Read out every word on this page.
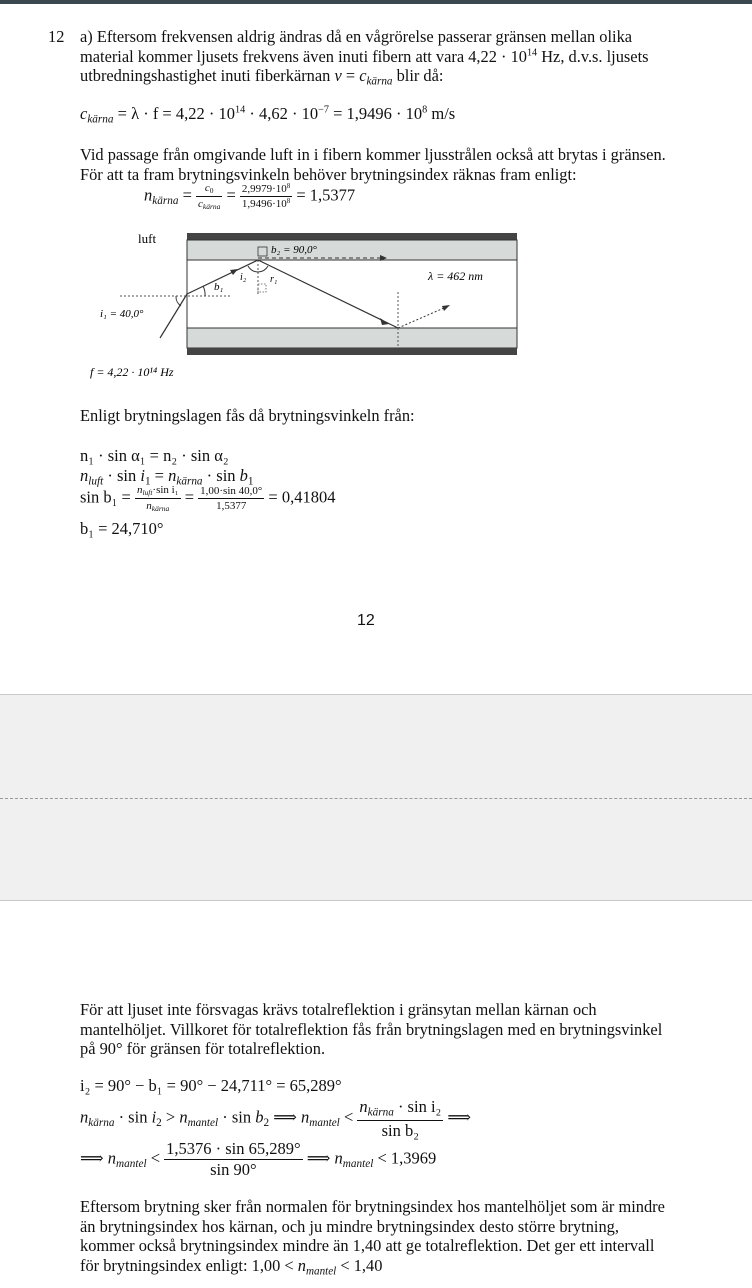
12 a) Eftersom frekvensen aldrig ändras då en vågrörelse passerar gränsen mellan olika
material kommer ljusets frekvens även inuti fibern att vara $4,22 \cdot 10^{14}$ Hz, d.v.s. ljusets
utbredningshastighet inuti fiberkärnan $v = c_{kärna}$ blir då:
$c_{kärna} = \lambda \cdot f = 4,22 \cdot 10^{14} \cdot 4,62 \cdot 10^{-7} = 1,9496 \cdot 10^8$ m/s
Vid passage från omgivande luft in i fibern kommer ljusstrålen också att brytas i gränsen.
För att ta fram brytningsvinkeln behöver brytningsindex räknas fram enligt:
$n_{kärna} = \frac{c_0}{c_{kärna}} = \frac{2,9979\cdot 10^8}{1,9496\cdot 10^8} = 1,5377$
luft
i₁ = 40,0°
b₁
b₂ = 90,0°
i₂ r₁	λ = 462 nm
f = 4,22 · 10¹⁴ Hz
Enligt brytningslagen fås då brytningsvinkeln från:
n₁ · sin α₁ = n₂ · sin α₂
$n_{luft} \cdot \sin i_1 = n_{kärna} \cdot \sin b_1$
$\sin b_1 = \frac{n_{luft}\cdot\sin i_1}{n_{kärna}} = \frac{1,00\cdot\sin 40,0^\circ}{1,5377} = 0,41804$
b₁ = 24,710°
12
För att ljuset inte försvagas krävs totalreflektion i gränsytan mellan kärnan och
mantelhöljet. Villkoret för totalreflektion fås från brytningslagen med en brytningsvinkel
på 90° för gränsen för totalreflektion.
i₂ = 90° − b₁ = 90° − 24,711° = 65,289°
$n_{kärna} \cdot \sin i_2 > n_{mantel} \cdot \sin b_2$ ⟹ $n_{mantel} < \frac{n_{kärna} \cdot \sin i_2}{\text{sin b₂}}$ ⟹
⟹ $n_{mantel} < \frac{1,5376 \cdot \sin 65,289^\circ}{\sin 90^\circ}$ ⟹ $n_{mantel} < 1,3969$
Eftersom brytning sker från normalen för brytningsindex hos mantelhöljet som är mindre
än brytningsindex hos kärnan, och ju mindre brytningsindex desto större brytning,
kommer också brytningsindex mindre än 1,40 att ge totalreflektion. Det ger ett intervall
för brytningsindex enligt: $1,00 < n_{mantel} < 1,40$
